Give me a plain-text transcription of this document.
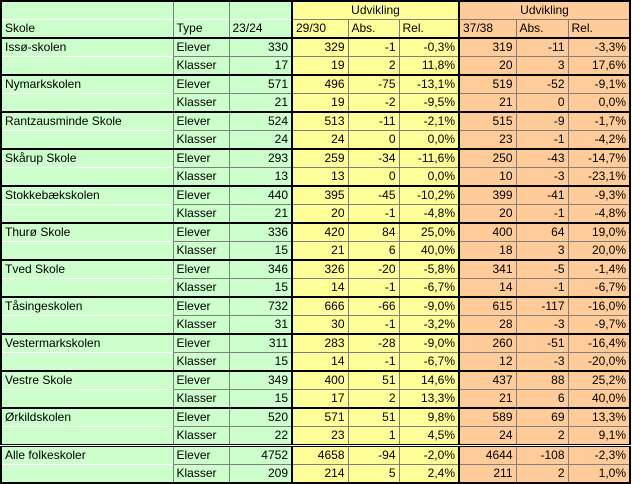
			Udvikling			Udvikling		
Skole	Type	23/24	29/30	Abs.	Rel.	37/38	Abs.	Rel.
Issø-skolen	Elever	330	329	-1	-0,3%	319	-11	-3,3%
	Klasser	17	19	2	11,8%	20	3	17,6%
Nymarkskolen	Elever	571	496	-75	-13,1%	519	-52	-9,1%
	Klasser	21	19	-2	-9,5%	21	0	0,0%
Rantzausminde Skole	Elever	524	513	-11	-2,1%	515	-9	-1,7%
	Klasser	24	24	0	0,0%	23	-1	-4,2%
Skårup Skole	Elever	293	259	-34	-11,6%	250	-43	-14,7%
	Klasser	13	13	0	0,0%	10	-3	-23,1%
Stokkebækskolen	Elever	440	395	-45	-10,2%	399	-41	-9,3%
	Klasser	21	20	-1	-4,8%	20	-1	-4,8%
Thurø Skole	Elever	336	420	84	25,0%	400	64	19,0%
	Klasser	15	21	6	40,0%	18	3	20,0%
Tved Skole	Elever	346	326	-20	-5,8%	341	-5	-1,4%
	Klasser	15	14	-1	-6,7%	14	-1	-6,7%
Tåsingeskolen	Elever	732	666	-66	-9,0%	615	-117	-16,0%
	Klasser	31	30	-1	-3,2%	28	-3	-9,7%
Vestermarkskolen	Elever	311	283	-28	-9,0%	260	-51	-16,4%
	Klasser	15	14	-1	-6,7%	12	-3	-20,0%
Vestre Skole	Elever	349	400	51	14,6%	437	88	25,2%
	Klasser	15	17	2	13,3%	21	6	40,0%
Ørkildskolen	Elever	520	571	51	9,8%	589	69	13,3%
	Klasser	22	23	1	4,5%	24	2	9,1%
Alle folkeskoler	Elever	4752	4658	-94	-2,0%	4644	-108	-2,3%
	Klasser	209	214	5	2,4%	211	2	1,0%
